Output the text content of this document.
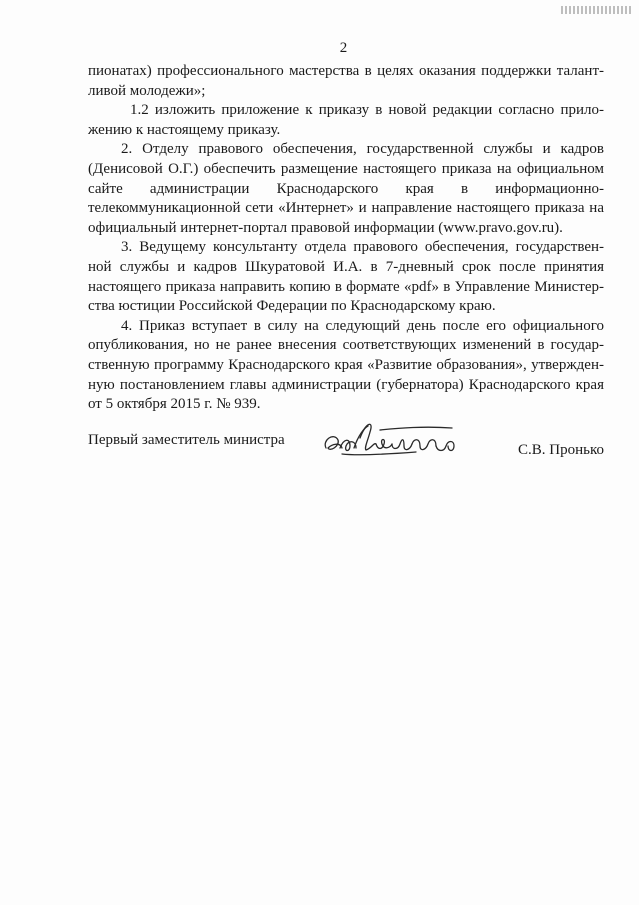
2
пионатах) профессионального мастерства в целях оказания поддержки талант-
ливой молодежи»;
1.2 изложить приложение к приказу в новой редакции согласно прило-
жению к настоящему приказу.
2. Отделу правового обеспечения, государственной службы и кадров
(Денисовой О.Г.) обеспечить размещение настоящего приказа на официальном
сайте администрации Краснодарского края в информационно-
телекоммуникационной сети «Интернет» и направление настоящего приказа на
официальный интернет-портал правовой информации (www.pravo.gov.ru).
3. Ведущему консультанту отдела правового обеспечения, государствен-
ной службы и кадров Шкуратовой И.А. в 7-дневный срок после принятия
настоящего приказа направить копию в формате «pdf» в Управление Министер-
ства юстиции Российской Федерации по Краснодарскому краю.
4. Приказ вступает в силу на следующий день после его официального
опубликования, но не ранее внесения соответствующих изменений в государ-
ственную программу Краснодарского края «Развитие образования», утвержден-
ную постановлением главы администрации (губернатора) Краснодарского края
от 5 октября 2015 г. № 939.
Первый заместитель министра
С.В. Пронько
